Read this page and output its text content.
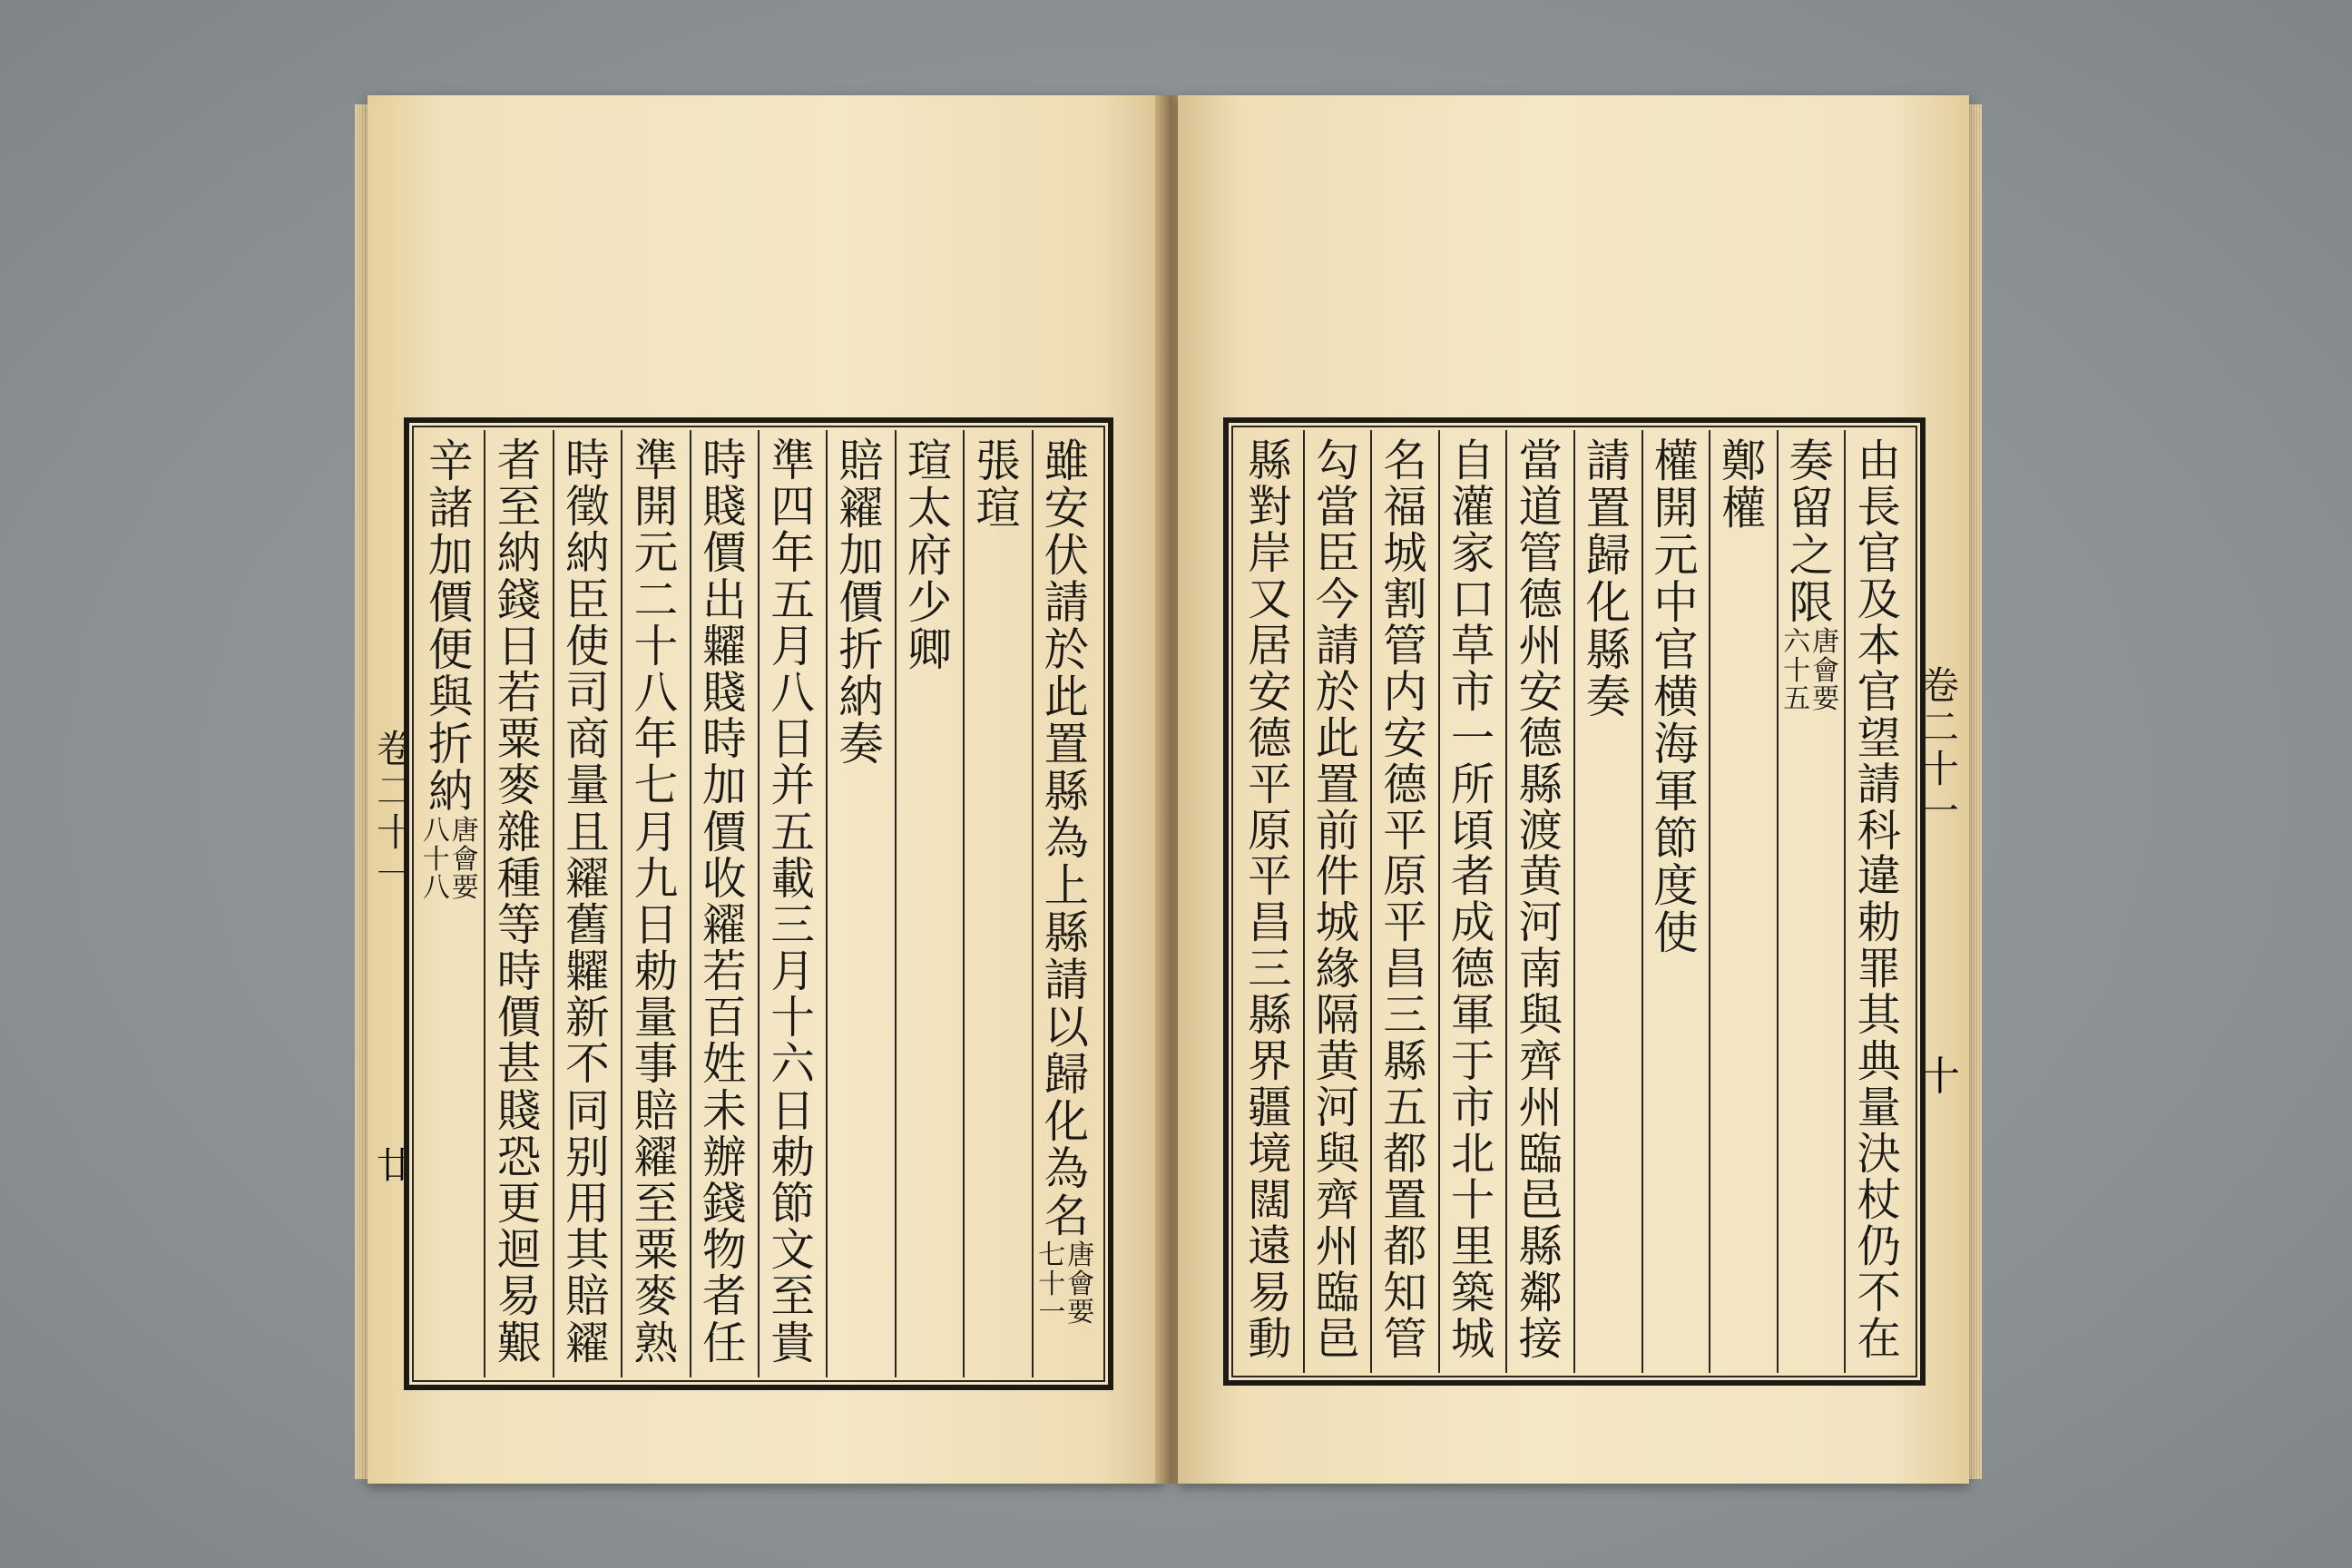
卷
二
十
一
廿
雖
安
伏
請
於
此
置
縣
為
上
縣
請
以
歸
化
為
名
唐
會
要
七
十
一
張
瑄
瑄
太
府
少
卿
賠
糴
加
價
折
納
奏
準
四
年
五
月
八
日
并
五
載
三
月
十
六
日
勅
節
文
至
貴
時
賤
價
出
糶
賤
時
加
價
收
糴
若
百
姓
未
辦
錢
物
者
任
準
開
元
二
十
八
年
七
月
九
日
勅
量
事
賠
糴
至
粟
麥
熟
時
徵
納
臣
使
司
商
量
且
糴
舊
糶
新
不
同
别
用
其
賠
糴
者
至
納
錢
日
若
粟
麥
雜
種
等
時
價
甚
賤
恐
更
迴
易
艱
辛
諸
加
價
便
與
折
納
唐
會
要
八
十
八
卷
二
十
一
十
由
長
官
及
本
官
望
請
科
違
勅
罪
其
典
量
決
杖
仍
不
在
奏
留
之
限
唐
會
要
六
十
五
鄭
權
權
開
元
中
官
横
海
軍
節
度
使
請
置
歸
化
縣
奏
當
道
管
德
州
安
德
縣
渡
黄
河
南
與
齊
州
臨
邑
縣
鄰
接
自
灌
家
口
草
市
一
所
頃
者
成
德
軍
于
市
北
十
里
築
城
名
福
城
割
管
内
安
德
平
原
平
昌
三
縣
五
都
置
都
知
管
勾
當
臣
今
請
於
此
置
前
件
城
緣
隔
黄
河
與
齊
州
臨
邑
縣
對
岸
又
居
安
德
平
原
平
昌
三
縣
界
疆
境
闊
遠
易
動
